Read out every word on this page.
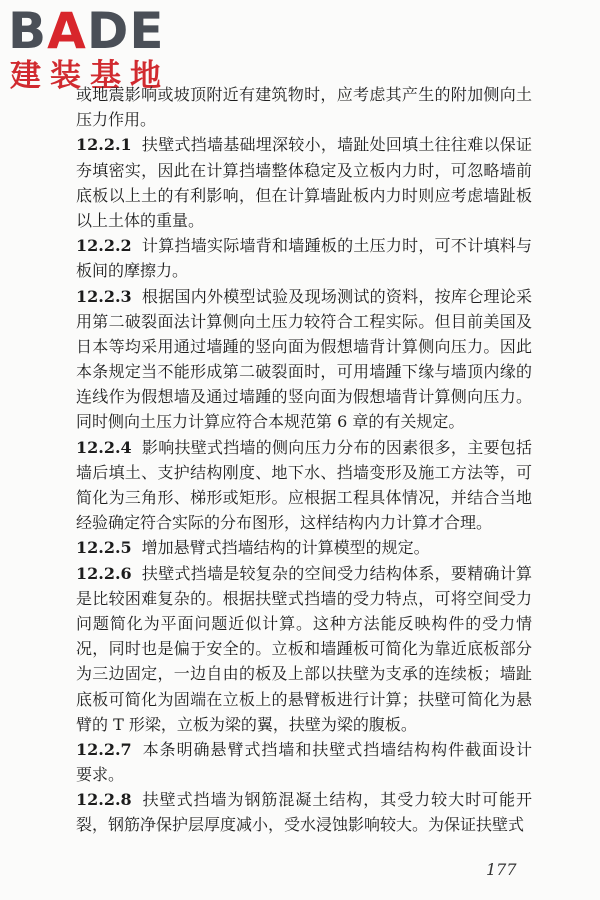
BADE
建装基地
或地震影响或坡顶附近有建筑物时，应考虑其产生的附加侧向土
压力作用。
12.2.1 扶壁式挡墙基础埋深较小，墙趾处回填土往往难以保证
夯填密实，因此在计算挡墙整体稳定及立板内力时，可忽略墙前
底板以上土的有利影响，但在计算墙趾板内力时则应考虑墙趾板
以上土体的重量。
12.2.2 计算挡墙实际墙背和墙踵板的土压力时，可不计填料与
板间的摩擦力。
12.2.3 根据国内外模型试验及现场测试的资料，按库仑理论采
用第二破裂面法计算侧向土压力较符合工程实际。但目前美国及
日本等均采用通过墙踵的竖向面为假想墙背计算侧向压力。因此
本条规定当不能形成第二破裂面时，可用墙踵下缘与墙顶内缘的
连线作为假想墙及通过墙踵的竖向面为假想墙背计算侧向压力。
同时侧向土压力计算应符合本规范第 6 章的有关规定。
12.2.4 影响扶壁式挡墙的侧向压力分布的因素很多，主要包括
墙后填土、支护结构刚度、地下水、挡墙变形及施工方法等，可
简化为三角形、梯形或矩形。应根据工程具体情况，并结合当地
经验确定符合实际的分布图形，这样结构内力计算才合理。
12.2.5 增加悬臂式挡墙结构的计算模型的规定。
12.2.6 扶壁式挡墙是较复杂的空间受力结构体系，要精确计算
是比较困难复杂的。根据扶壁式挡墙的受力特点，可将空间受力
问题简化为平面问题近似计算。这种方法能反映构件的受力情
况，同时也是偏于安全的。立板和墙踵板可简化为靠近底板部分
为三边固定，一边自由的板及上部以扶壁为支承的连续板；墙趾
底板可简化为固端在立板上的悬臂板进行计算；扶壁可简化为悬
臂的 T 形梁，立板为梁的翼，扶壁为梁的腹板。
12.2.7 本条明确悬臂式挡墙和扶壁式挡墙结构构件截面设计
要求。
12.2.8 扶壁式挡墙为钢筋混凝土结构，其受力较大时可能开
裂，钢筋净保护层厚度减小，受水浸蚀影响较大。为保证扶壁式
177
